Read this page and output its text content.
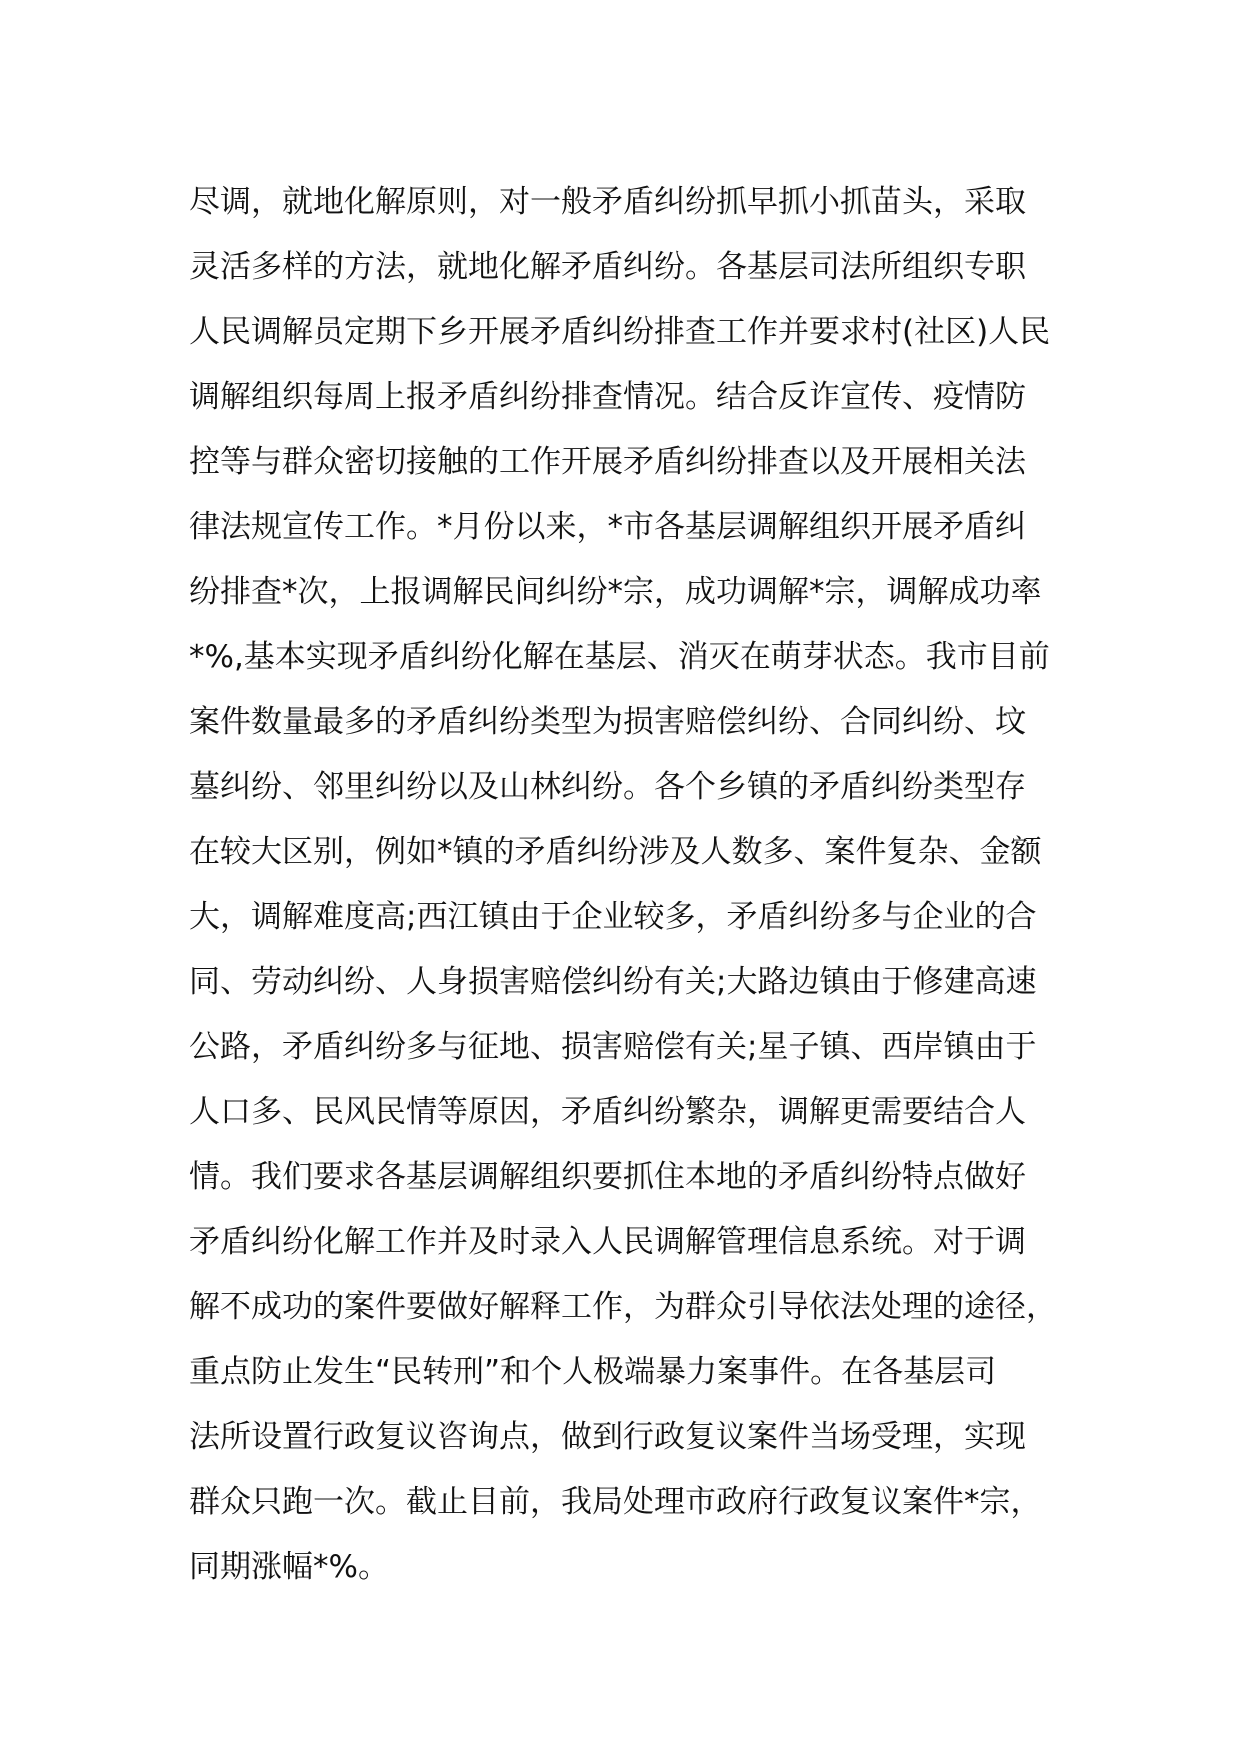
尽调，就地化解原则，对一般矛盾纠纷抓早抓小抓苗头，采取
灵活多样的方法，就地化解矛盾纠纷。各基层司法所组织专职
人民调解员定期下乡开展矛盾纠纷排查工作并要求村(社区)人民
调解组织每周上报矛盾纠纷排查情况。结合反诈宣传、疫情防
控等与群众密切接触的工作开展矛盾纠纷排查以及开展相关法
律法规宣传工作。*月份以来，*市各基层调解组织开展矛盾纠
纷排查*次，上报调解民间纠纷*宗，成功调解*宗，调解成功率
*%,基本实现矛盾纠纷化解在基层、消灭在萌芽状态。我市目前
案件数量最多的矛盾纠纷类型为损害赔偿纠纷、合同纠纷、坟
墓纠纷、邻里纠纷以及山林纠纷。各个乡镇的矛盾纠纷类型存
在较大区别，例如*镇的矛盾纠纷涉及人数多、案件复杂、金额
大，调解难度高;西江镇由于企业较多，矛盾纠纷多与企业的合
同、劳动纠纷、人身损害赔偿纠纷有关;大路边镇由于修建高速
公路，矛盾纠纷多与征地、损害赔偿有关;星子镇、西岸镇由于
人口多、民风民情等原因，矛盾纠纷繁杂，调解更需要结合人
情。我们要求各基层调解组织要抓住本地的矛盾纠纷特点做好
矛盾纠纷化解工作并及时录入人民调解管理信息系统。对于调
解不成功的案件要做好解释工作，为群众引导依法处理的途径，
重点防止发生“民转刑”和个人极端暴力案事件。在各基层司
法所设置行政复议咨询点，做到行政复议案件当场受理，实现
群众只跑一次。截止目前，我局处理市政府行政复议案件*宗，
同期涨幅*%。
